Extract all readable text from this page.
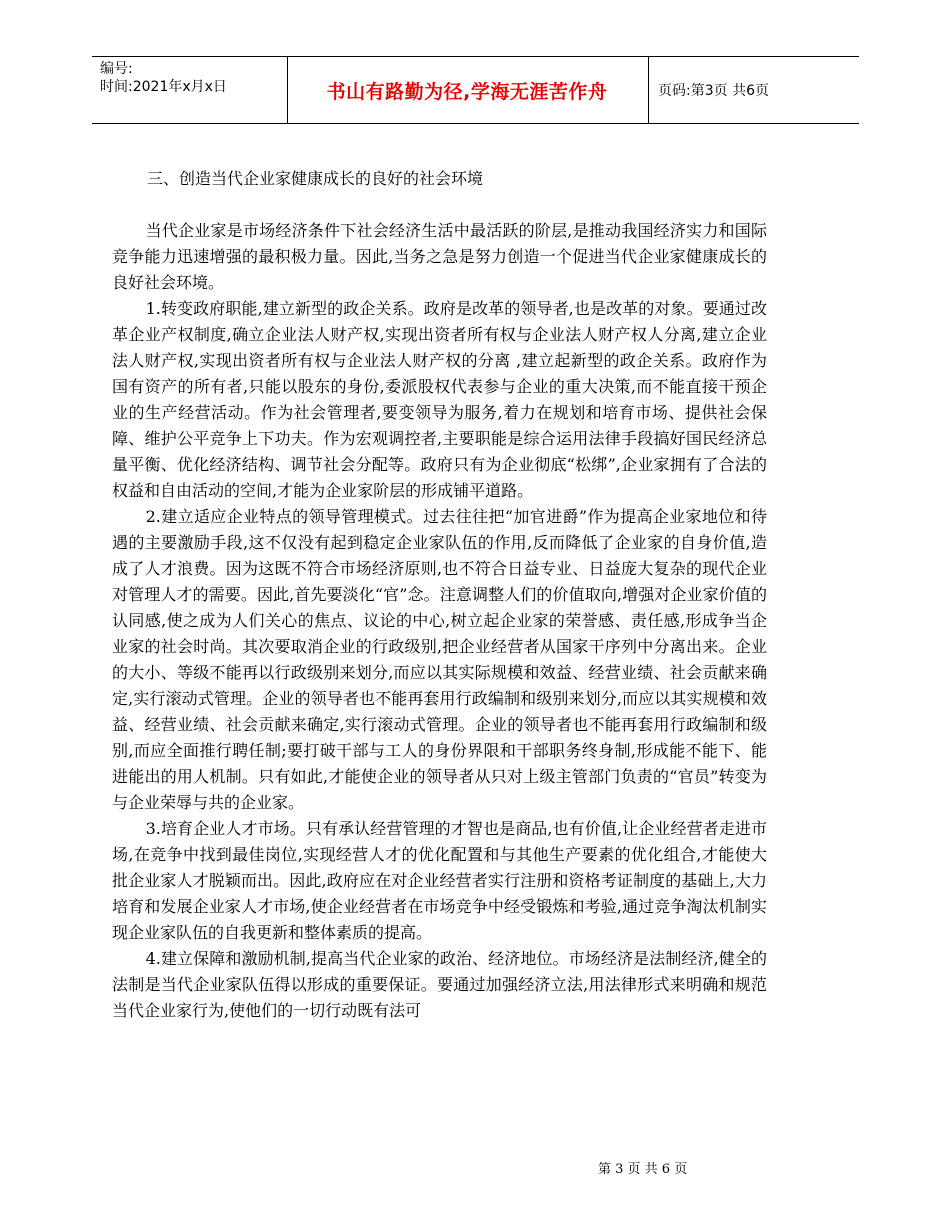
编号:
时间:2021年x月x日	书山有路勤为径,学海无涯苦作舟	页码:第3页 共6页
三、创造当代企业家健康成长的良好的社会环境

当代企业家是市场经济条件下社会经济生活中最活跃的阶层,是推动我国经济实力和国际竞争能力迅速增强的最积极力量。因此,当务之急是努力创造一个促进当代企业家健康成长的良好社会环境。

1.转变政府职能,建立新型的政企关系。政府是改革的领导者,也是改革的对象。要通过改革企业产权制度,确立企业法人财产权,实现出资者所有权与企业法人财产权人分离,建立企业法人财产权,实现出资者所有权与企业法人财产权的分离 ,建立起新型的政企关系。政府作为国有资产的所有者,只能以股东的身份,委派股权代表参与企业的重大决策,而不能直接干预企业的生产经营活动。作为社会管理者,要变领导为服务,着力在规划和培育市场、提供社会保障、维护公平竞争上下功夫。作为宏观调控者,主要职能是综合运用法律手段搞好国民经济总量平衡、优化经济结构、调节社会分配等。政府只有为企业彻底“松绑”,企业家拥有了合法的权益和自由活动的空间,才能为企业家阶层的形成铺平道路。

2.建立适应企业特点的领导管理模式。过去往往把“加官进爵”作为提高企业家地位和待遇的主要激励手段,这不仅没有起到稳定企业家队伍的作用,反而降低了企业家的自身价值,造成了人才浪费。因为这既不符合市场经济原则,也不符合日益专业、日益庞大复杂的现代企业对管理人才的需要。因此,首先要淡化“官”念。注意调整人们的价值取向,增强对企业家价值的认同感,使之成为人们关心的焦点、议论的中心,树立起企业家的荣誉感、责任感,形成争当企业家的社会时尚。其次要取消企业的行政级别,把企业经营者从国家干序列中分离出来。企业的大小、等级不能再以行政级别来划分,而应以其实际规模和效益、经营业绩、社会贡献来确定,实行滚动式管理。企业的领导者也不能再套用行政编制和级别来划分,而应以其实规模和效益、经营业绩、社会贡献来确定,实行滚动式管理。企业的领导者也不能再套用行政编制和级别,而应全面推行聘任制;要打破干部与工人的身份界限和干部职务终身制,形成能不能下、能进能出的用人机制。只有如此,才能使企业的领导者从只对上级主管部门负责的“官员”转变为与企业荣辱与共的企业家。

3.培育企业人才市场。只有承认经营管理的才智也是商品,也有价值,让企业经营者走进市场,在竞争中找到最佳岗位,实现经营人才的优化配置和与其他生产要素的优化组合,才能使大批企业家人才脱颖而出。因此,政府应在对企业经营者实行注册和资格考证制度的基础上,大力培育和发展企业家人才市场,使企业经营者在市场竞争中经受锻炼和考验,通过竞争淘汰机制实现企业家队伍的自我更新和整体素质的提高。

4.建立保障和激励机制,提高当代企业家的政治、经济地位。市场经济是法制经济,健全的法制是当代企业家队伍得以形成的重要保证。要通过加强经济立法,用法律形式来明确和规范当代企业家行为,使他们的一切行动既有法可

第 3 页 共 6 页
